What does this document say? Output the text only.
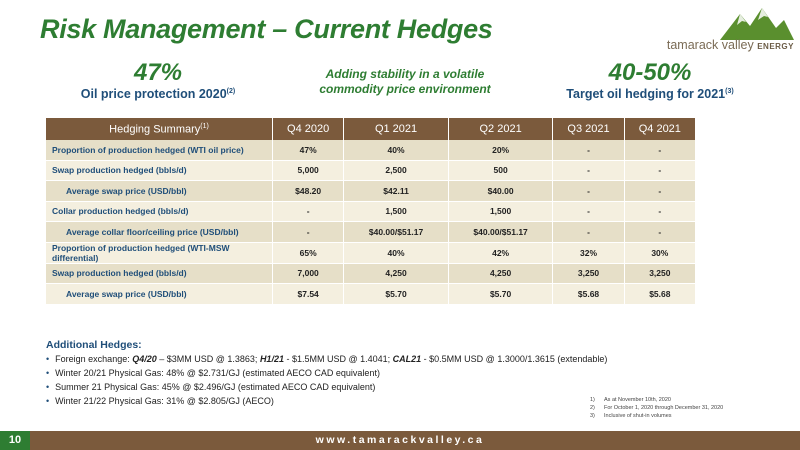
Risk Management – Current Hedges
tamarack valley ENERGY
47%
Oil price protection 2020$^{(2)}$
Adding stability in a volatile
commodity price environment
40-50%
Target oil hedging for 2021$^{(3)}$
Hedging Summary$^{(1)}$	Q4 2020	Q1 2021	Q2 2021	Q3 2021	Q4 2021
Proportion of production hedged (WTI oil price)	47%	40%	20%	-	-
Swap production hedged (bbls/d)	5,000	2,500	500	-	-
Average swap price (USD/bbl)	$48.20	$42.11	$40.00	-	-
Collar production hedged (bbls/d)	-	1,500	1,500	-	-
Average collar floor/ceiling price (USD/bbl)	-	$40.00/$51.17	$40.00/$51.17	-	-
Proportion of production hedged (WTI-MSW differential)	65%	40%	42%	32%	30%
Swap production hedged (bbls/d)	7,000	4,250	4,250	3,250	3,250
Average swap price (USD/bbl)	$7.54	$5.70	$5.70	$5.68	$5.68
Additional Hedges:
• Foreign exchange: Q4/20 – $3MM USD @ 1.3863; H1/21 - $1.5MM USD @ 1.4041; CAL21 - $0.5MM USD @ 1.3000/1.3615 (extendable)
• Winter 20/21 Physical Gas: 48% @ $2.731/GJ (estimated AECO CAD equivalent)
• Summer 21 Physical Gas: 45% @ $2.496/GJ (estimated AECO CAD equivalent)
• Winter 21/22 Physical Gas: 31% @ $2.805/GJ (AECO)	1) As at November 10th, 2020
2) For October 1, 2020 through December 31, 2020
3) Inclusive of shut-in volumes
www.tamarackvalley.ca
10
